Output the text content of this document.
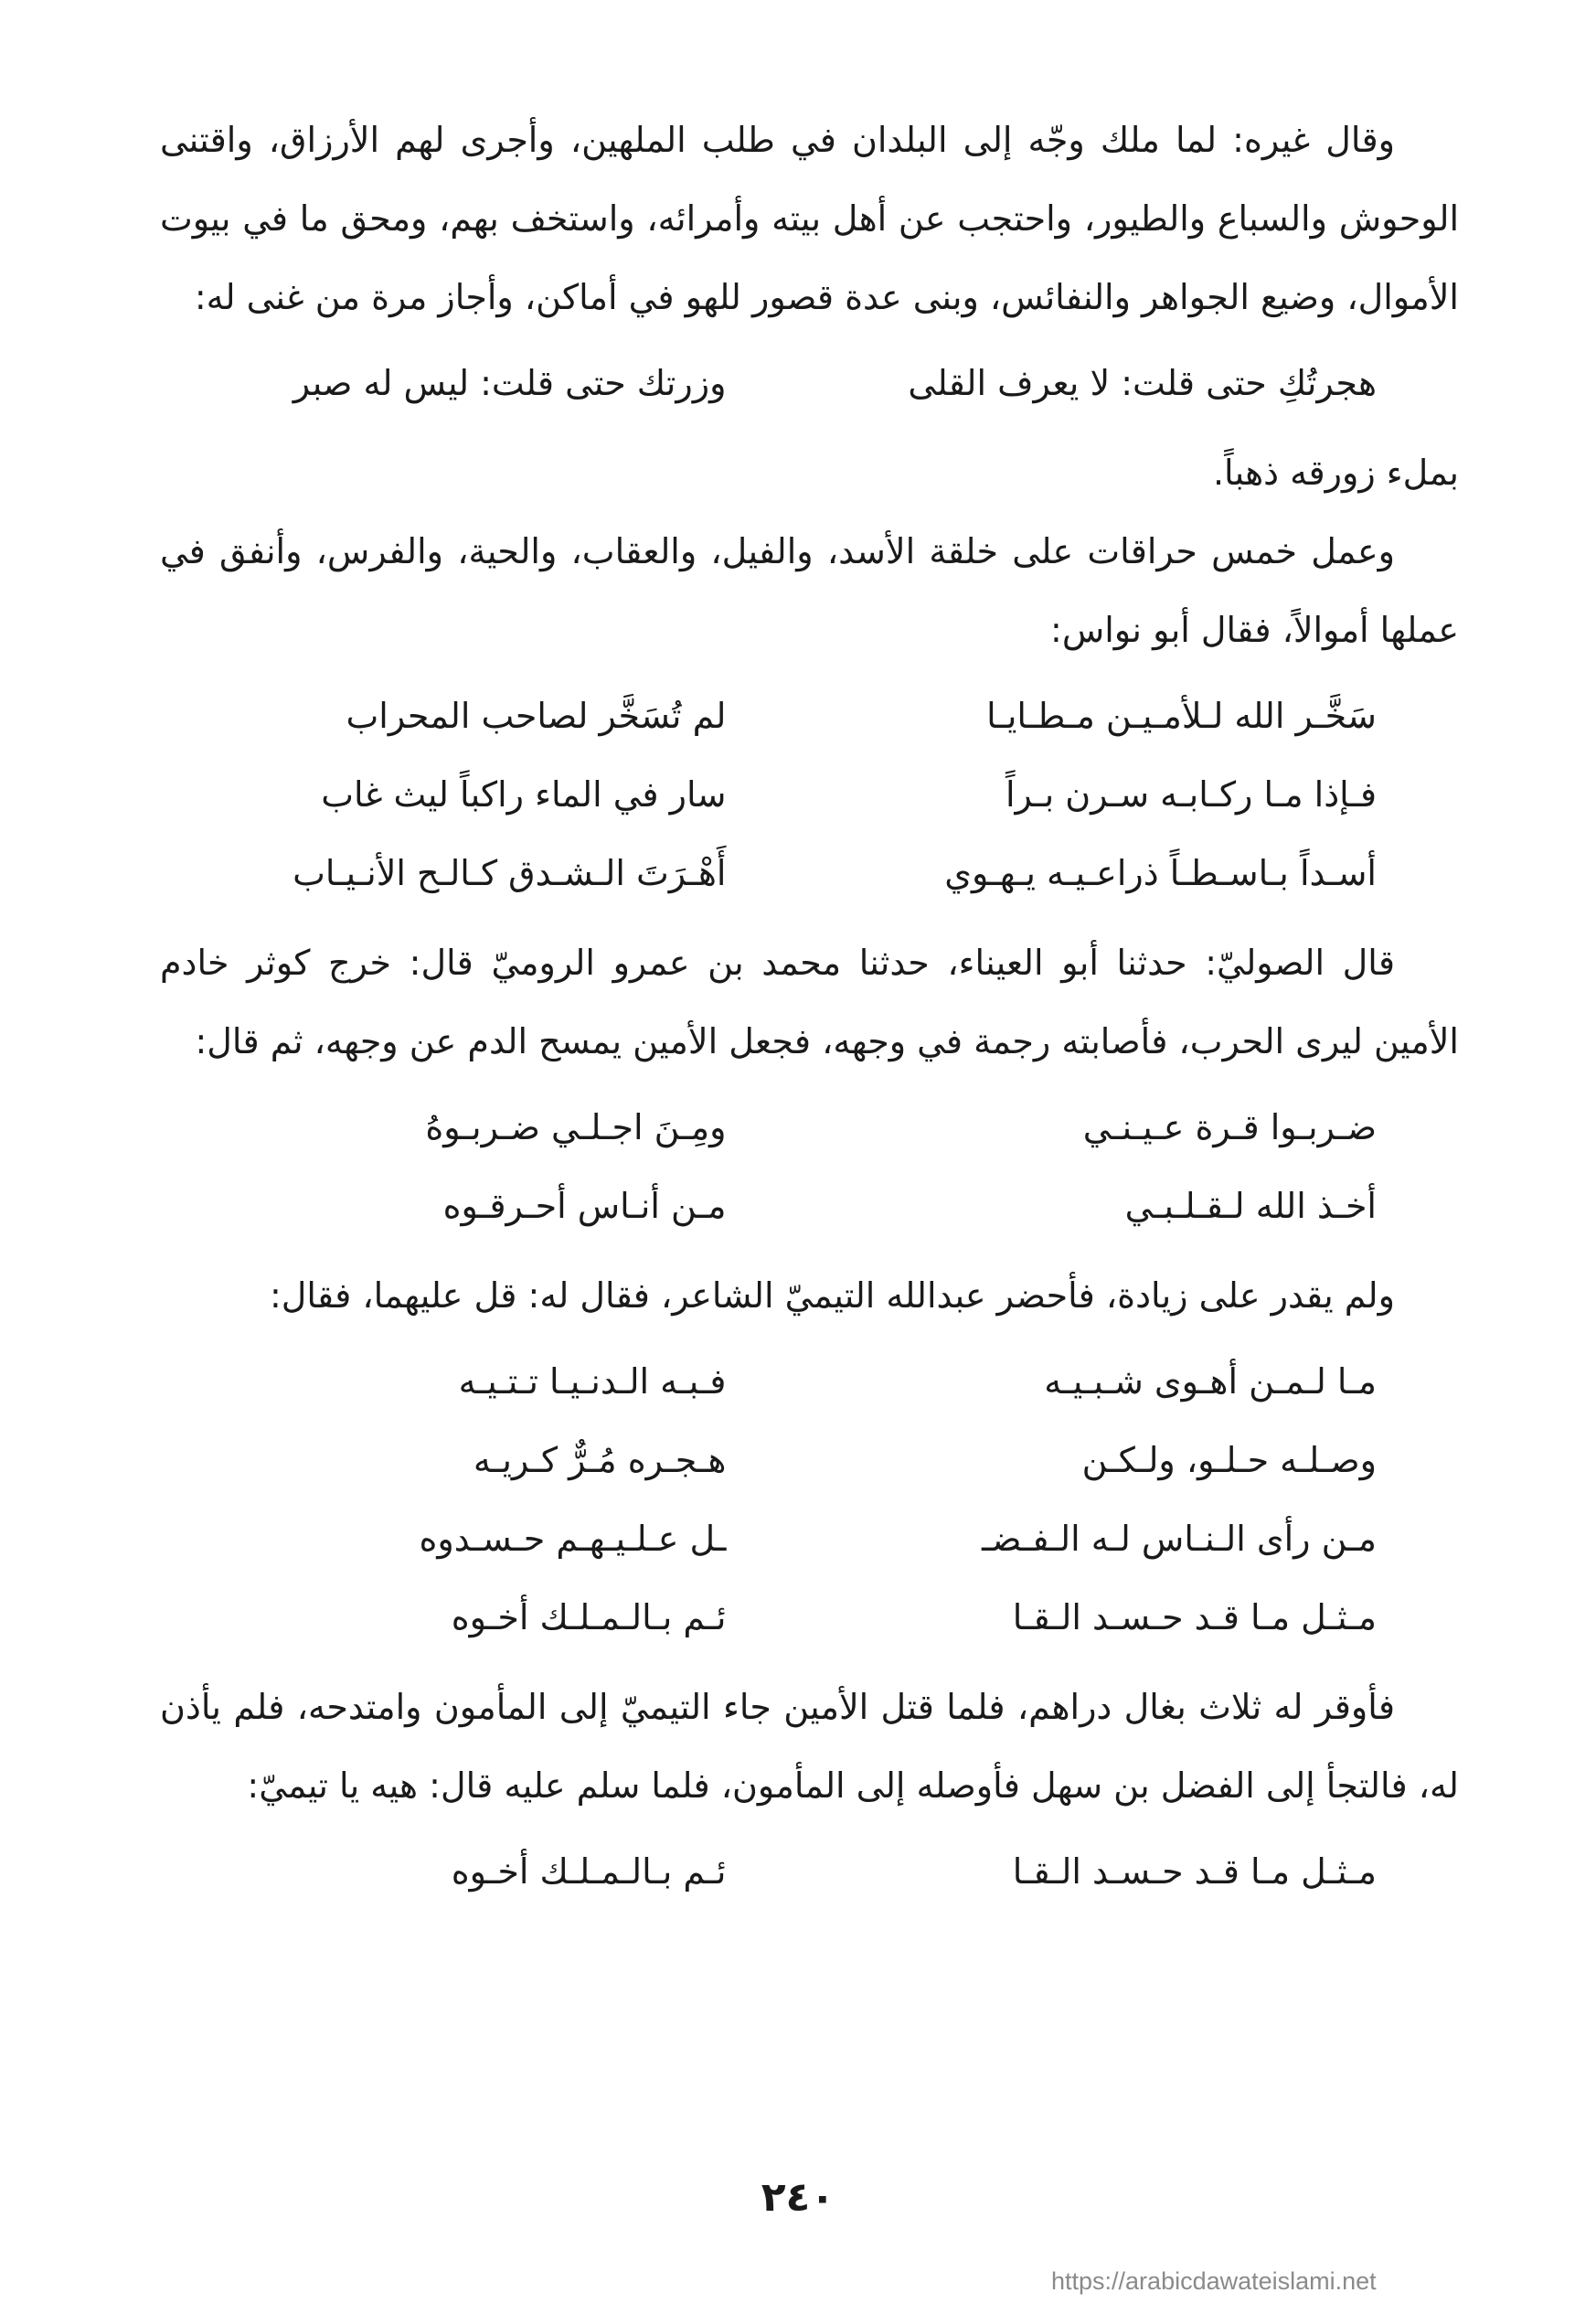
وقال غيره: لما ملك وجّه إلى البلدان في طلب الملهين، وأجرى لهم الأرزاق، واقتنى الوحوش والسباع والطيور، واحتجب عن أهل بيته وأمرائه، واستخف بهم، ومحق ما في بيوت الأموال، وضيع الجواهر والنفائس، وبنى عدة قصور للهو في أماكن، وأجاز مرة من غنى له:

هجرتُكِ حتى قلت: لا يعرف القلى
وزرتك حتى قلت: ليس له صبر

بملء زورقه ذهباً.

وعمل خمس حراقات على خلقة الأسد، والفيل، والعقاب، والحية، والفرس، وأنفق في عملها أموالاً، فقال أبو نواس:

سَخَّـر الله لـلأمـيـن مـطـايـا
لم تُسَخَّر لصاحب المحراب
فـإذا مـا ركـابـه سـرن بـراً
سار في الماء راكباً ليث غاب
أسـداً بـاسـطـاً ذراعـيـه يـهـوي
أَهْـرَتَ الـشـدق كـالـح الأنـيـاب

قال الصوليّ: حدثنا أبو العيناء، حدثنا محمد بن عمرو الروميّ قال: خرج كوثر خادم الأمين ليرى الحرب، فأصابته رجمة في وجهه، فجعل الأمين يمسح الدم عن وجهه، ثم قال:

ضـربـوا قـرة عـيـنـي
ومِـنَ اجـلـي ضـربـوهُ
أخـذ الله لـقـلـبـي
مـن أنـاس أحـرقـوه

ولم يقدر على زيادة، فأحضر عبدالله التيميّ الشاعر، فقال له: قل عليهما، فقال:

مـا لـمـن أهـوى شـبـيـه
فـبـه الـدنـيـا تـتـيـه
وصـلـه حـلـو، ولـكـن
هـجـره مُـرٌّ كـريـه
مـن رأى الـنـاس لـه الـفـضـ
ـل عـلـيـهـم حـسـدوه
مـثـل مـا قـد حـسـد الـقـا
ئـم بـالـمـلـك أخـوه

فأوقر له ثلاث بغال دراهم، فلما قتل الأمين جاء التيميّ إلى المأمون وامتدحه، فلم يأذن له، فالتجأ إلى الفضل بن سهل فأوصله إلى المأمون، فلما سلم عليه قال: هيه يا تيميّ:

مـثـل مـا قـد حـسـد الـقـا
ئـم بـالـمـلـك أخـوه
٢٤٠
https://arabicdawateislami.net
